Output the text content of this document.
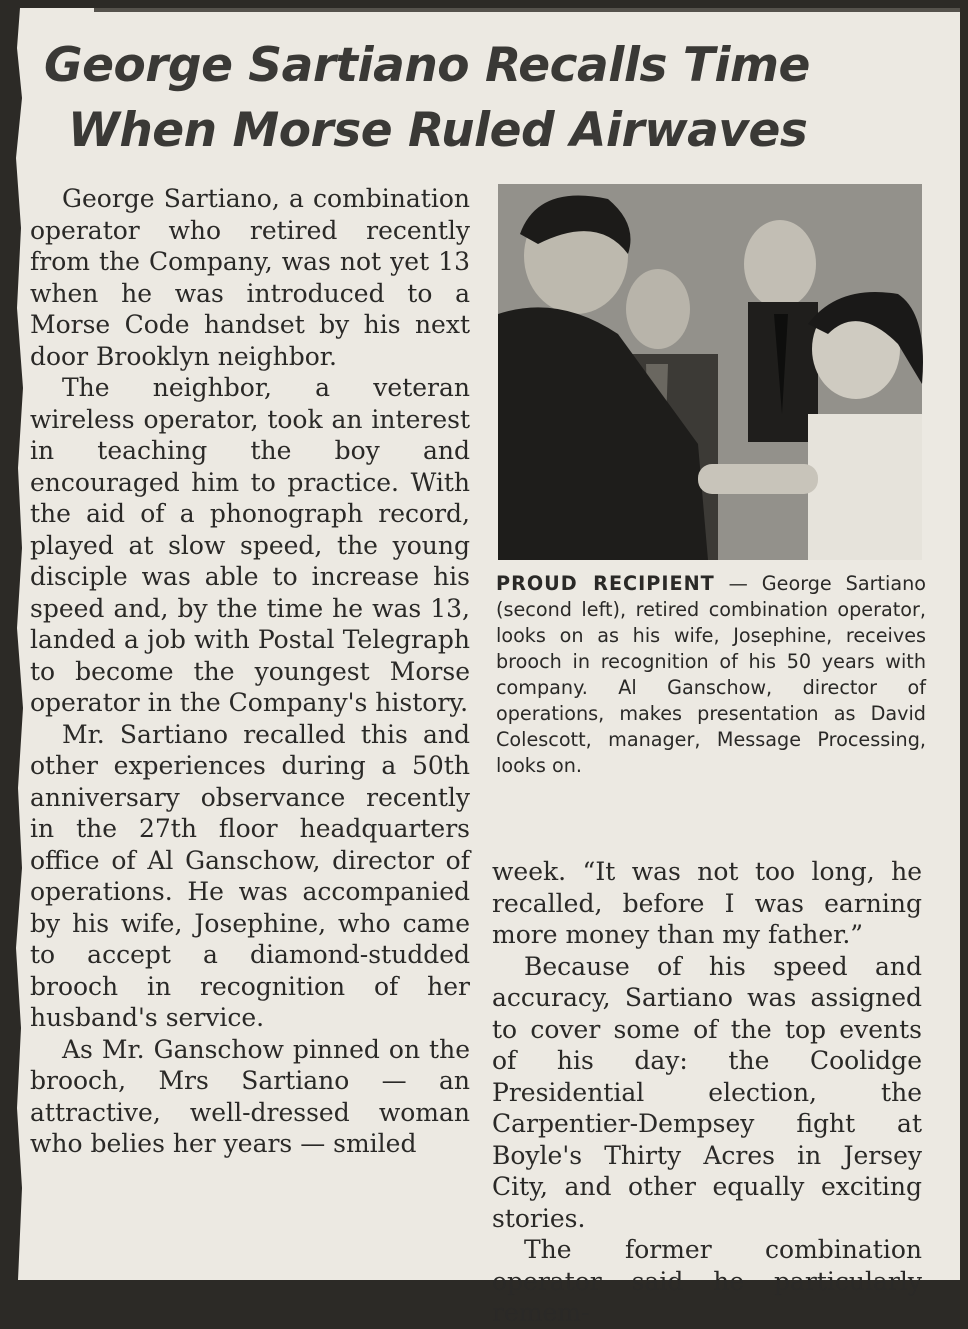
George Sartiano Recalls Time
When Morse Ruled Airwaves

George Sartiano, a combination operator who retired recently from the Company, was not yet 13 when he was introduced to a Morse Code handset by his next door Brooklyn neighbor.

The neighbor, a veteran wireless operator, took an interest in teaching the boy and encouraged him to practice. With the aid of a phonograph record, played at slow speed, the young disciple was able to increase his speed and, by the time he was 13, landed a job with Postal Telegraph to become the youngest Morse operator in the Company's history.

Mr. Sartiano recalled this and other experiences during a 50th anniversary observance recently in the 27th floor headquarters office of Al Ganschow, director of operations. He was accompanied by his wife, Josephine, who came to accept a diamond-studded brooch in recognition of her husband's service.

As Mr. Ganschow pinned on the brooch, Mrs Sartiano — an attractive, well-dressed woman who belies her years — smiled

PROUD RECIPIENT — George Sartiano (second left), retired combination operator, looks on as his wife, Josephine, receives brooch in recognition of his 50 years with company. Al Ganschow, director of operations, makes presentation as David Colescott, manager, Message Processing, looks on.

week. “It was not too long, he recalled, before I was earning more money than my father.”

Because of his speed and accuracy, Sartiano was assigned to cover some of the top events of his day: the Coolidge Presidential election, the Carpentier-Dempsey fight at Boyle's Thirty Acres in Jersey City, and other equally exciting stories.

The former combination operator said he particularly remem-
